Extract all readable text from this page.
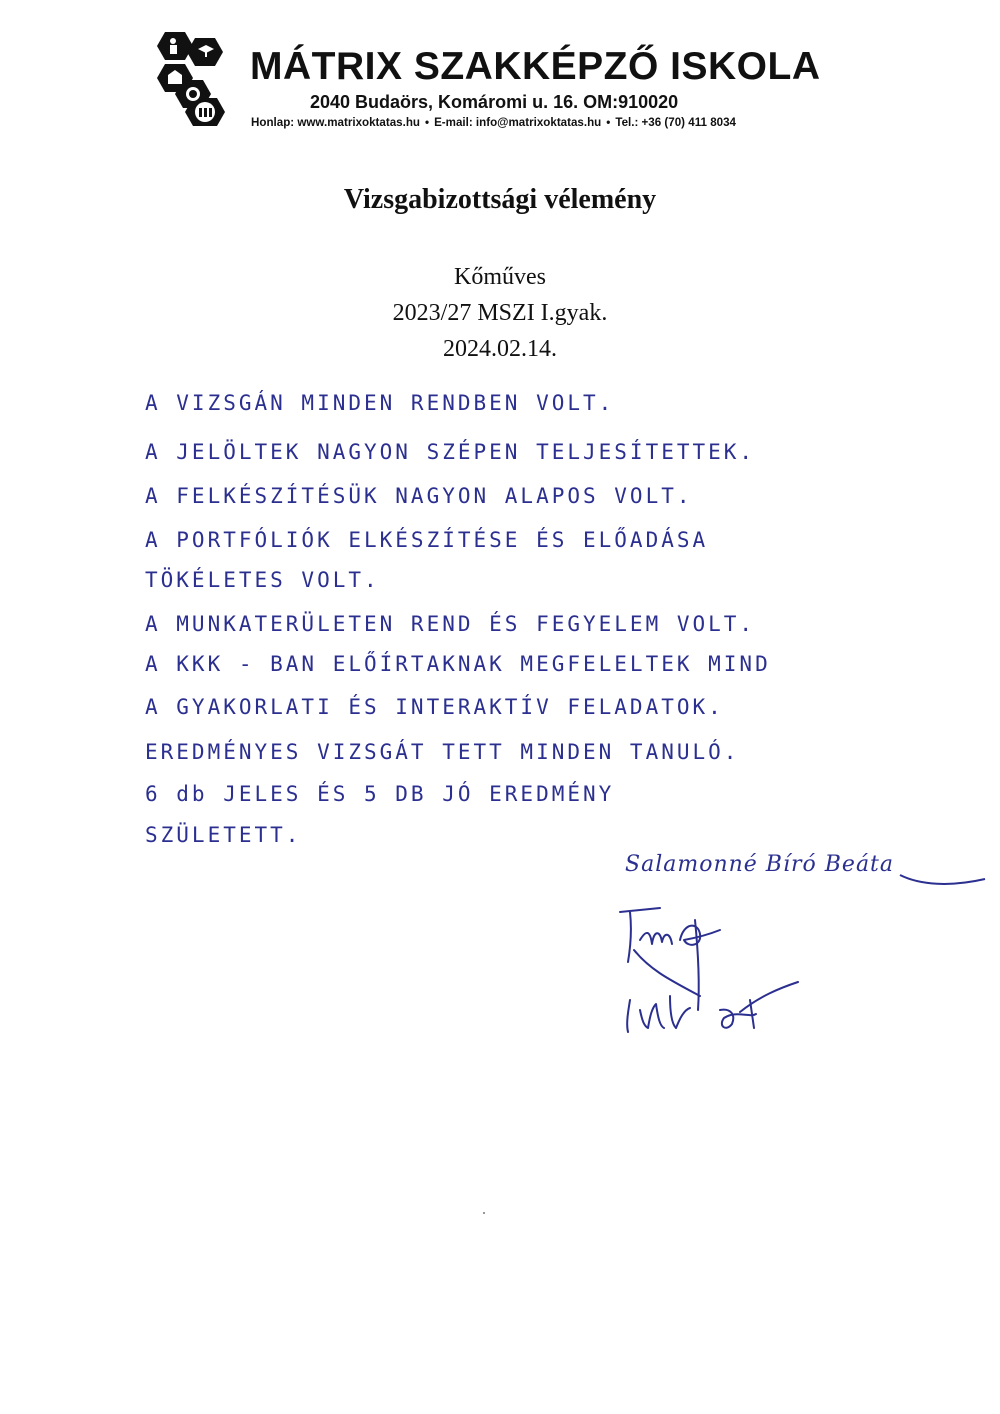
MÁTRIX SZAKKÉPZŐ ISKOLA
2040 Budaörs, Komáromi u. 16. OM:910020
Honlap: www.matrixoktatas.hu • E-mail: info@matrixoktatas.hu • Tel.: +36 (70) 411 8034
Vizsgabizottsági vélemény
Kőműves
2023/27 MSZI I.gyak.
2024.02.14.
A VIZSGÁN MINDEN RENDBEN VOLT.
A JELÖLTEK NAGYON SZÉPEN TELJESÍTETTEK.
A FELKÉSZÍTÉSÜK NAGYON ALAPOS VOLT.
A PORTFÓLIÓK ELKÉSZÍTÉSE ÉS ELŐADÁSA
TÖKÉLETES VOLT.
A MUNKATERÜLETEN REND ÉS FEGYELEM VOLT.
A KKK - BAN ELŐÍRTAKNAK MEGFELELTEK MIND
A GYAKORLATI ÉS INTERAKTÍV FELADATOK.
EREDMÉNYES VIZSGÁT TETT MINDEN TANULÓ.
6 db JELES ÉS 5 DB JÓ EREDMÉNY
SZÜLETETT.
Salamonné Bíró Beáta
